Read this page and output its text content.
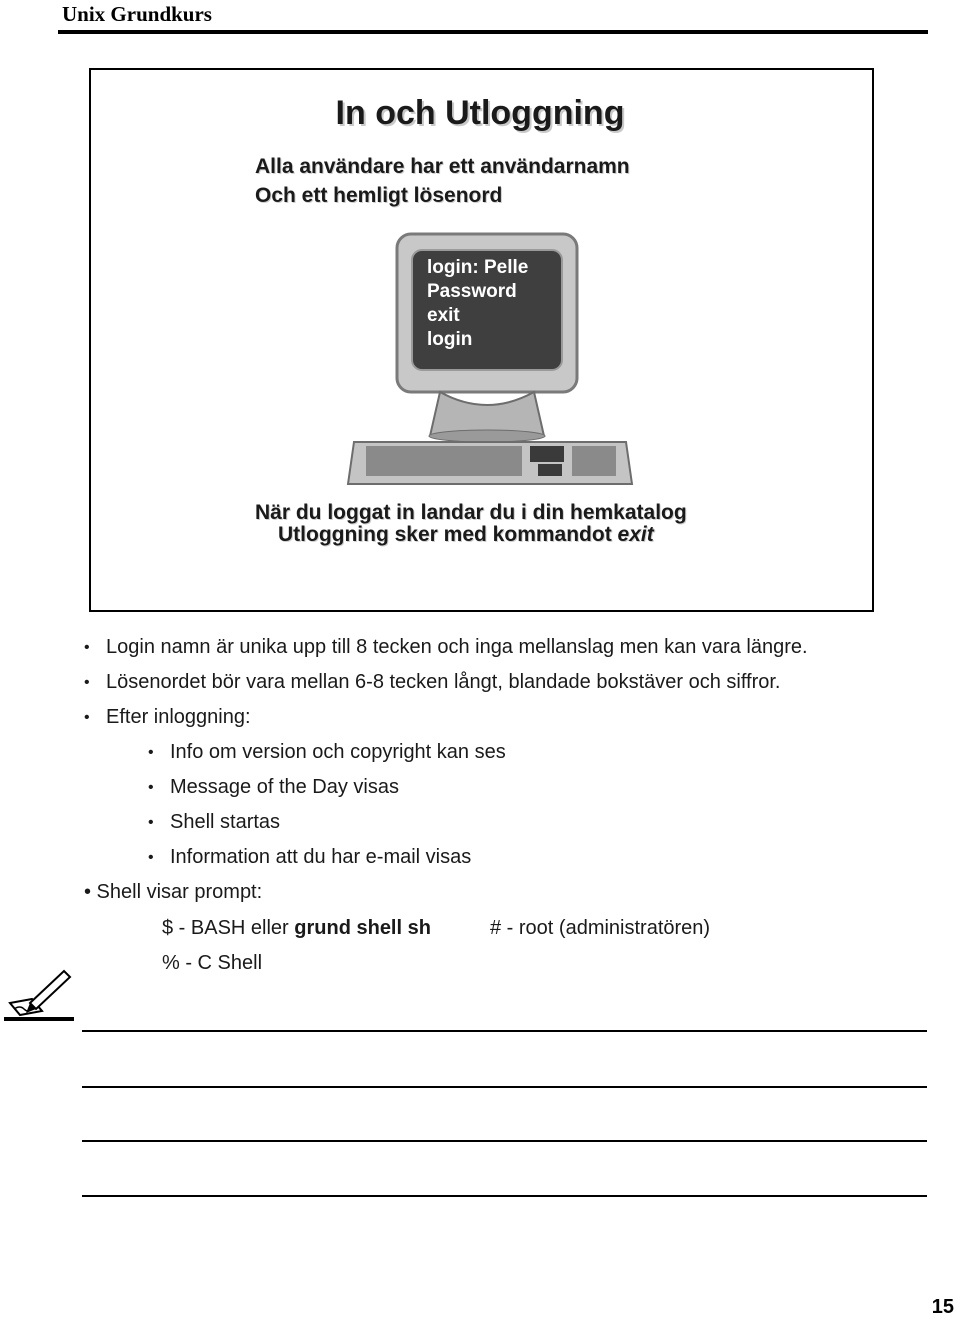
Unix Grundkurs
In och Utloggning
Alla användare har ett användarnamn
Och ett hemligt lösenord
login: Pelle
Password
exit
login
När du loggat in landar du i din hemkatalog
Utloggning sker med kommandot exit
• Login namn är unika upp till 8 tecken och inga mellanslag men kan vara längre.
• Lösenordet bör vara mellan 6-8 tecken långt, blandade bokstäver och siffror.
• Efter inloggning:
• Info om version och copyright kan ses
• Message of the Day visas
• Shell startas
• Information att du har e-mail visas
• Shell visar prompt:
$ - BASH eller grund shell sh	# - root (administratören)
% - C Shell
15
